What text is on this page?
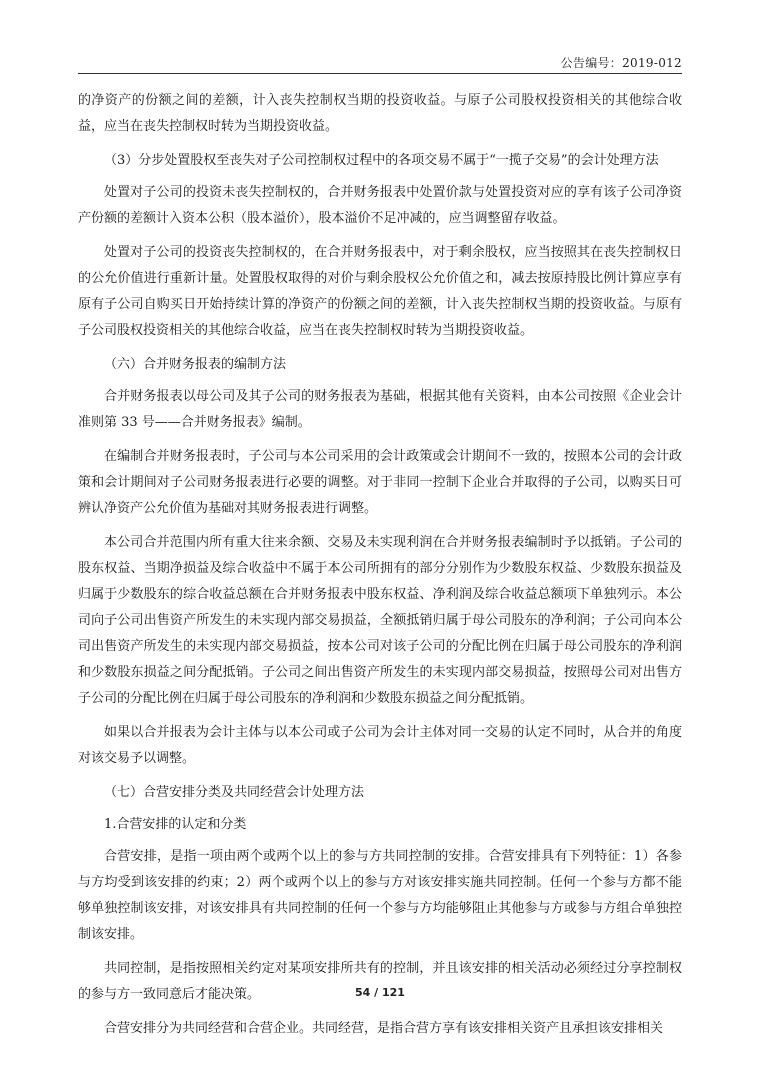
公告编号：2019-012

的净资产的份额之间的差额，计入丧失控制权当期的投资收益。与原子公司股权投资相关的其他综合收益，应当在丧失控制权时转为当期投资收益。

（3）分步处置股权至丧失对子公司控制权过程中的各项交易不属于“一揽子交易”的会计处理方法

处置对子公司的投资未丧失控制权的，合并财务报表中处置价款与处置投资对应的享有该子公司净资产份额的差额计入资本公积（股本溢价），股本溢价不足冲减的，应当调整留存收益。

处置对子公司的投资丧失控制权的，在合并财务报表中，对于剩余股权，应当按照其在丧失控制权日的公允价值进行重新计量。处置股权取得的对价与剩余股权公允价值之和，减去按原持股比例计算应享有原有子公司自购买日开始持续计算的净资产的份额之间的差额，计入丧失控制权当期的投资收益。与原有子公司股权投资相关的其他综合收益，应当在丧失控制权时转为当期投资收益。

（六）合并财务报表的编制方法

合并财务报表以母公司及其子公司的财务报表为基础，根据其他有关资料，由本公司按照《企业会计准则第 33 号——合并财务报表》编制。

在编制合并财务报表时，子公司与本公司采用的会计政策或会计期间不一致的，按照本公司的会计政策和会计期间对子公司财务报表进行必要的调整。对于非同一控制下企业合并取得的子公司，以购买日可辨认净资产公允价值为基础对其财务报表进行调整。

本公司合并范围内所有重大往来余额、交易及未实现利润在合并财务报表编制时予以抵销。子公司的股东权益、当期净损益及综合收益中不属于本公司所拥有的部分分别作为少数股东权益、少数股东损益及归属于少数股东的综合收益总额在合并财务报表中股东权益、净利润及综合收益总额项下单独列示。本公司向子公司出售资产所发生的未实现内部交易损益，全额抵销归属于母公司股东的净利润；子公司向本公司出售资产所发生的未实现内部交易损益，按本公司对该子公司的分配比例在归属于母公司股东的净利润和少数股东损益之间分配抵销。子公司之间出售资产所发生的未实现内部交易损益，按照母公司对出售方子公司的分配比例在归属于母公司股东的净利润和少数股东损益之间分配抵销。

如果以合并报表为会计主体与以本公司或子公司为会计主体对同一交易的认定不同时，从合并的角度对该交易予以调整。

（七）合营安排分类及共同经营会计处理方法

1.合营安排的认定和分类

合营安排，是指一项由两个或两个以上的参与方共同控制的安排。合营安排具有下列特征：1）各参与方均受到该安排的约束；2）两个或两个以上的参与方对该安排实施共同控制。任何一个参与方都不能够单独控制该安排，对该安排具有共同控制的任何一个参与方均能够阻止其他参与方或参与方组合单独控制该安排。

共同控制，是指按照相关约定对某项安排所共有的控制，并且该安排的相关活动必须经过分享控制权的参与方一致同意后才能决策。

合营安排分为共同经营和合营企业。共同经营，是指合营方享有该安排相关资产且承担该安排相关

54 / 121
